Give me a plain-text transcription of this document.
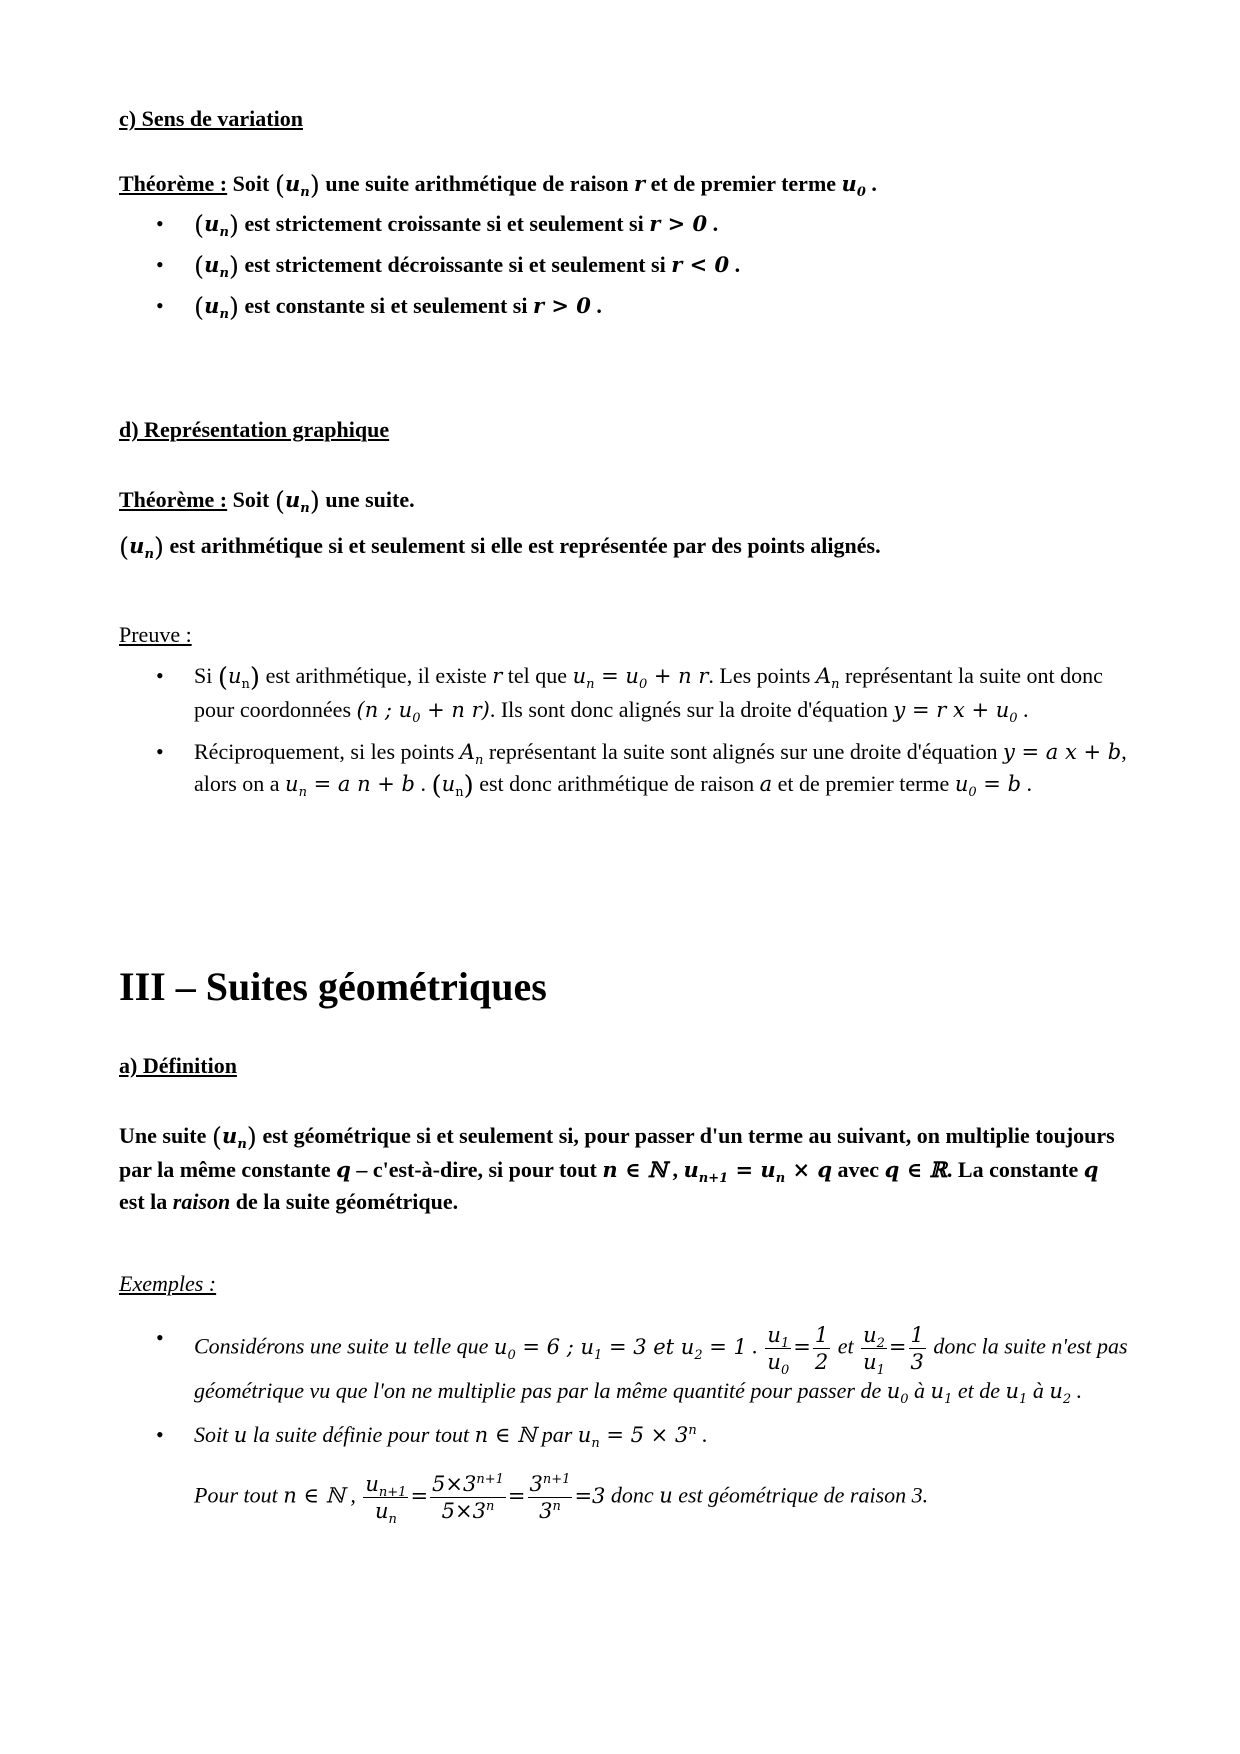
c) Sens de variation
Théorème : Soit $(u_n)$ une suite arithmétique de raison r et de premier terme $u_0$ .
• $(u_n)$ est strictement croissante si et seulement si r > 0 .
• $(u_n)$ est strictement décroissante si et seulement si r < 0 .
• $(u_n)$ est constante si et seulement si r > 0 .
d) Représentation graphique
Théorème : Soit $(u_n)$ une suite.
$(u_n)$ est arithmétique si et seulement si elle est représentée par des points alignés.
Preuve :
• Si $(u_n)$ est arithmétique, il existe r tel que $u_n = u_0 + n$ r. Les points $A_n$ représentant la suite ont donc pour coordonnées (n ; $u_0 + n$ r). Ils sont donc alignés sur la droite d'équation y = r $x + u_0$ .
• Réciproquement, si les points $A_n$ représentant la suite sont alignés sur une droite d'équation y = a x + b, alors on a $u_n = a$ n + b . $(u_n)$ est donc arithmétique de raison a et de premier terme $u_0 = b$ .
III – Suites géométriques
a) Définition
Une suite $(u_n)$ est géométrique si et seulement si, pour passer d'un terme au suivant, on multiplie toujours par la même constante q – c'est-à-dire, si pour tout n ∈ ℕ , $u_{n+1} = u_n \times q$ avec q ∈ ℝ. La constante q est la raison de la suite géométrique.
Exemples :
• Considérons une suite u telle que $u_0 = 6$ ; $u_1 = 3$ et $u_2 = 1$ . $\frac{u_1}{u_0} = \frac{1}{2}$ et $\frac{u_2}{u_1} = \frac{1}{3}$ donc la suite n'est pas géométrique vu que l'on ne multiplie pas par la même quantité pour passer de $u_0$ à $u_1$ et de $u_1$ à $u_2$ .
• Soit u la suite définie pour tout n ∈ ℕ par $u_n = 5 \times 3^n$ .
Pour tout n ∈ ℕ , $\frac{u_{n+1}}{u_n} = \frac{5\times 3^{n+1}}{5\times 3^n} = \frac{3^{n+1}}{3^n} =3$ donc u est géométrique de raison 3.
